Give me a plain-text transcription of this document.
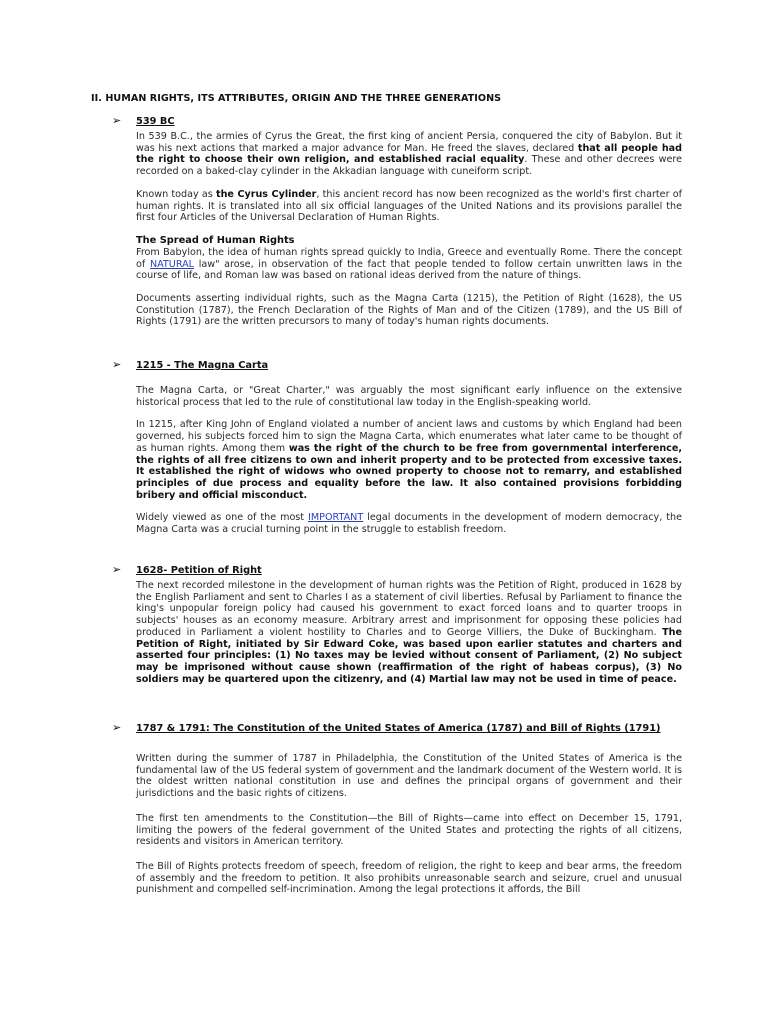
II. HUMAN RIGHTS, ITS ATTRIBUTES, ORIGIN AND THE THREE GENERATIONS
➢ 539 BC

In 539 B.C., the armies of Cyrus the Great, the first king of ancient Persia, conquered the city of Babylon. But it was his next actions that marked a major advance for Man. He freed the slaves, declared that all people had the right to choose their own religion, and established racial equality. These and other decrees were recorded on a baked-clay cylinder in the Akkadian language with cuneiform script.

Known today as the Cyrus Cylinder, this ancient record has now been recognized as the world's first charter of human rights. It is translated into all six official languages of the United Nations and its provisions parallel the first four Articles of the Universal Declaration of Human Rights.

The Spread of Human Rights

From Babylon, the idea of human rights spread quickly to India, Greece and eventually Rome. There the concept of NATURAL law" arose, in observation of the fact that people tended to follow certain unwritten laws in the course of life, and Roman law was based on rational ideas derived from the nature of things.

Documents asserting individual rights, such as the Magna Carta (1215), the Petition of Right (1628), the US Constitution (1787), the French Declaration of the Rights of Man and of the Citizen (1789), and the US Bill of Rights (1791) are the written precursors to many of today's human rights documents.

➢ 1215 - The Magna Carta

The Magna Carta, or "Great Charter," was arguably the most significant early influence on the extensive historical process that led to the rule of constitutional law today in the English-speaking world.

In 1215, after King John of England violated a number of ancient laws and customs by which England had been governed, his subjects forced him to sign the Magna Carta, which enumerates what later came to be thought of as human rights. Among them was the right of the church to be free from governmental interference, the rights of all free citizens to own and inherit property and to be protected from excessive taxes. It established the right of widows who owned property to choose not to remarry, and established principles of due process and equality before the law. It also contained provisions forbidding bribery and official misconduct.

Widely viewed as one of the most IMPORTANT legal documents in the development of modern democracy, the Magna Carta was a crucial turning point in the struggle to establish freedom.

➢ 1628- Petition of Right

The next recorded milestone in the development of human rights was the Petition of Right, produced in 1628 by the English Parliament and sent to Charles I as a statement of civil liberties. Refusal by Parliament to finance the king's unpopular foreign policy had caused his government to exact forced loans and to quarter troops in subjects' houses as an economy measure. Arbitrary arrest and imprisonment for opposing these policies had produced in Parliament a violent hostility to Charles and to George Villiers, the Duke of Buckingham. The Petition of Right, initiated by Sir Edward Coke, was based upon earlier statutes and charters and asserted four principles: (1) No taxes may be levied without consent of Parliament, (2) No subject may be imprisoned without cause shown (reaffirmation of the right of habeas corpus), (3) No soldiers may be quartered upon the citizenry, and (4) Martial law may not be used in time of peace.

➢ 1787 & 1791: The Constitution of the United States of America (1787) and Bill of Rights (1791)

Written during the summer of 1787 in Philadelphia, the Constitution of the United States of America is the fundamental law of the US federal system of government and the landmark document of the Western world. It is the oldest written national constitution in use and defines the principal organs of government and their jurisdictions and the basic rights of citizens.

The first ten amendments to the Constitution—the Bill of Rights—came into effect on December 15, 1791, limiting the powers of the federal government of the United States and protecting the rights of all citizens, residents and visitors in American territory.

The Bill of Rights protects freedom of speech, freedom of religion, the right to keep and bear arms, the freedom of assembly and the freedom to petition. It also prohibits unreasonable search and seizure, cruel and unusual punishment and compelled self-incrimination. Among the legal protections it affords, the Bill
